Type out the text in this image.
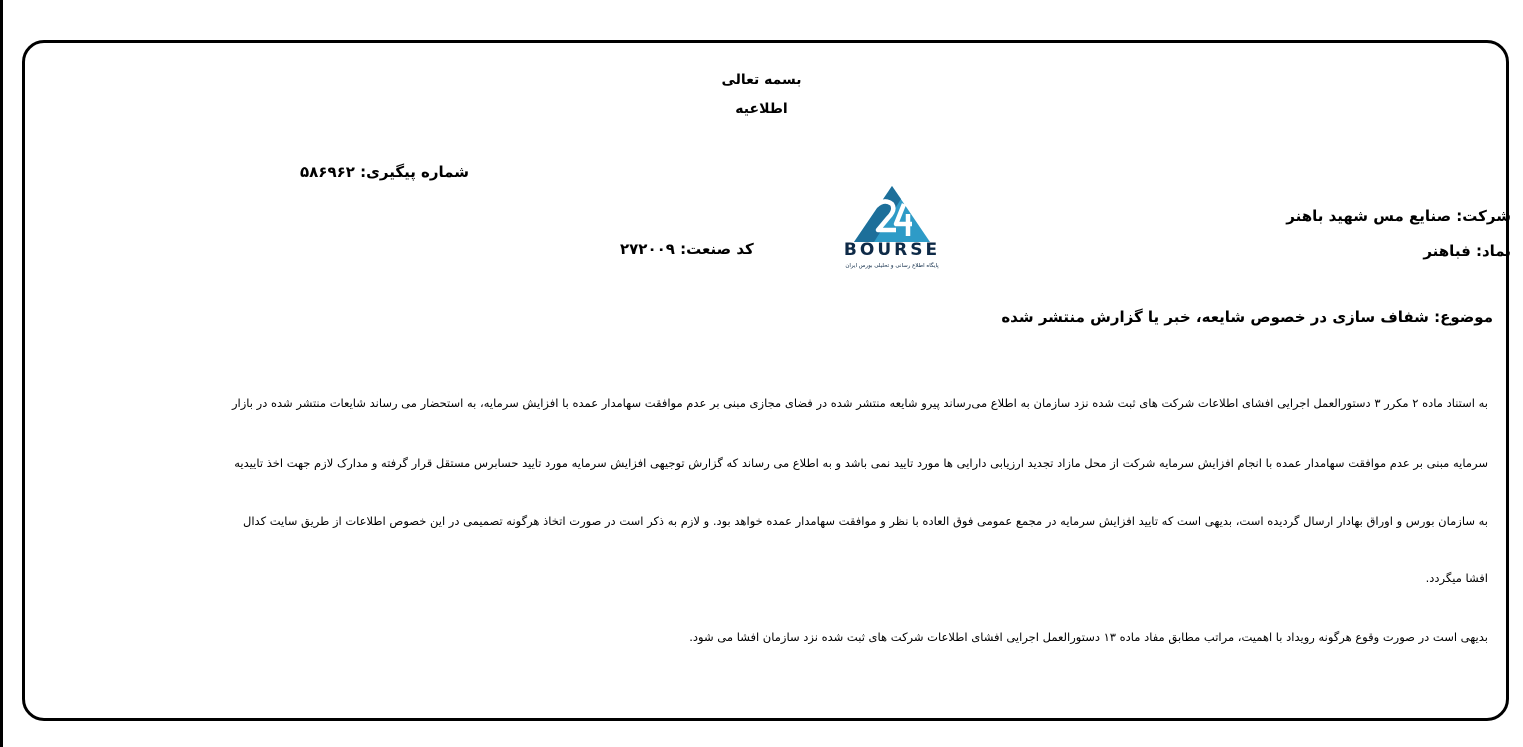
بسمه تعالی
اطلاعیه
شماره پیگیری: ۵۸۶۹۶۲
شرکت: صنایع مس شهید باهنر
نماد: فباهنر
کد صنعت: ۲۷۲۰۰۹	BOURSE
پایگاه اطلاع رسانی و تحلیلی بورس ایران
موضوع: شفاف سازی در خصوص شایعه، خبر یا گزارش منتشر شده
به استناد ماده ۲ مکرر ۳ دستورالعمل اجرایی افشای اطلاعات شرکت های ثبت شده نزد سازمان به اطلاع می‌رساند پیرو شایعه منتشر شده در فضای مجازی مبنی بر عدم موافقت سهامدار عمده با افزایش سرمایه، به استحضار می رساند شایعات منتشر شده در بازار
سرمایه مبنی بر عدم موافقت سهامدار عمده با انجام افزایش سرمایه شرکت از محل مازاد تجدید ارزیابی دارایی ها مورد تایید نمی باشد و به اطلاع می رساند که گزارش توجیهی افزایش سرمایه مورد تایید حسابرس مستقل قرار گرفته و مدارک لازم جهت اخذ تاییدیه
به سازمان بورس و اوراق بهادار ارسال گردیده است، بدیهی است که تایید افزایش سرمایه در مجمع عمومی فوق العاده با نظر و موافقت سهامدار عمده خواهد بود. و لازم به ذکر است در صورت اتخاذ هرگونه تصمیمی در این خصوص اطلاعات از طریق سایت کدال
افشا میگردد.
بدیهی است در صورت وقوع هرگونه رویداد با اهمیت، مراتب مطابق مفاد ماده ۱۳ دستورالعمل اجرایی افشای اطلاعات شرکت های ثبت شده نزد سازمان افشا می شود.
